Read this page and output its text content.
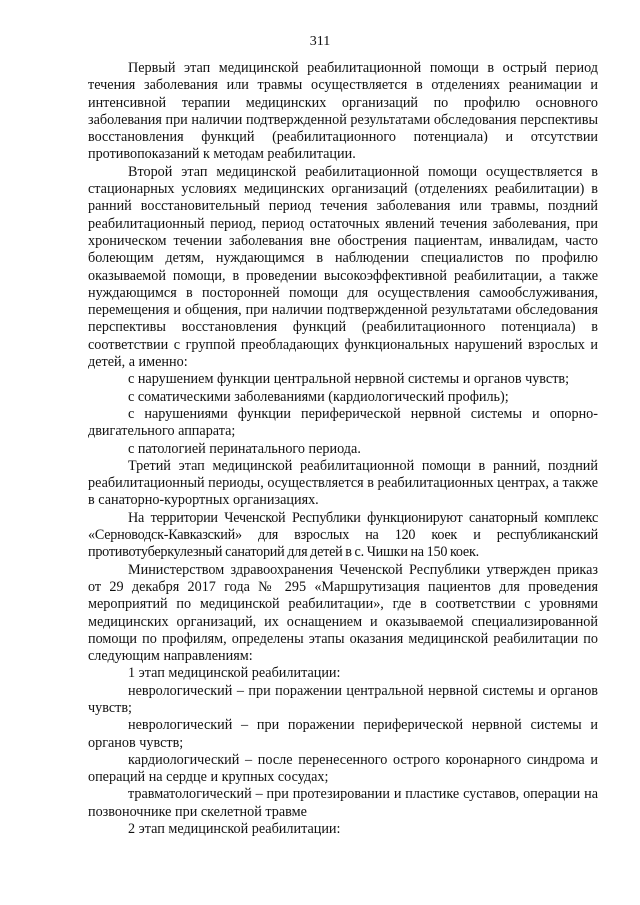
311

Первый этап медицинской реабилитационной помощи в острый период течения заболевания или травмы осуществляется в отделениях реанимации и интенсивной терапии медицинских организаций по профилю основного заболевания при наличии подтвержденной результатами обследования перспективы восстановления функций (реабилитационного потенциала) и отсутствии противопоказаний к методам реабилитации.

Второй этап медицинской реабилитационной помощи осуществляется в стационарных условиях медицинских организаций (отделениях реабилитации) в ранний восстановительный период течения заболевания или травмы, поздний реабилитационный период, период остаточных явлений течения заболевания, при хроническом течении заболевания вне обострения пациентам, инвалидам, часто болеющим детям, нуждающимся в наблюдении специалистов по профилю оказываемой помощи, в проведении высокоэффективной реабилитации, а также нуждающимся в посторонней помощи для осуществления самообслуживания, перемещения и общения, при наличии подтвержденной результатами обследования перспективы восстановления функций (реабилитационного потенциала) в соответствии с группой преобладающих функциональных нарушений взрослых и детей, а именно:

с нарушением функции центральной нервной системы и органов чувств;

с соматическими заболеваниями (кардиологический профиль);

с нарушениями функции периферической нервной системы и опорно-двигательного аппарата;

с патологией перинатального периода.

Третий этап медицинской реабилитационной помощи в ранний, поздний реабилитационный периоды, осуществляется в реабилитационных центрах, а также в санаторно-курортных организациях.

На территории Чеченской Республики функционируют санаторный комплекс «Серноводск-Кавказский» для взрослых на 120 коек и республиканский противотуберкулезный санаторий для детей в с. Чишки на 150 коек.

Министерством здравоохранения Чеченской Республики утвержден приказ от 29 декабря 2017 года № 295 «Маршрутизация пациентов для проведения мероприятий по медицинской реабилитации», где в соответствии с уровнями медицинских организаций, их оснащением и оказываемой специализированной помощи по профилям, определены этапы оказания медицинской реабилитации по следующим направлениям:

1 этап медицинской реабилитации:

неврологический – при поражении центральной нервной системы и органов чувств;

неврологический – при поражении периферической нервной системы и органов чувств;

кардиологический – после перенесенного острого коронарного синдрома и операций на сердце и крупных сосудах;

травматологический – при протезировании и пластике суставов, операции на позвоночнике при скелетной травме

2 этап медицинской реабилитации:
